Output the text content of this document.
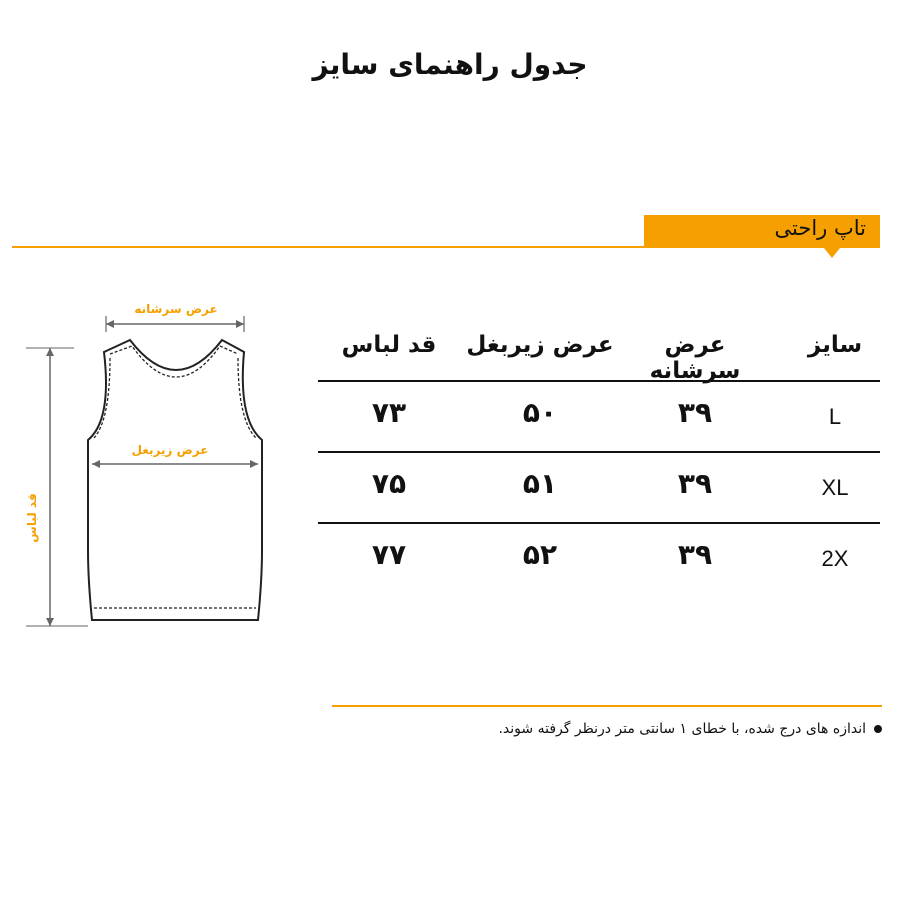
جدول راهنمای سایز
تاپ راحتی
عرض سرشانه
عرض زیربغل
قد لباس
سایز
عرض سرشانه
عرض زیربغل
قد لباس
L
۳۹
۵۰
۷۳
XL
۳۹
۵۱
۷۵
2X
۳۹
۵۲
۷۷
اندازه های درج شده، با خطای ۱ سانتی متر درنظر گرفته شوند.
